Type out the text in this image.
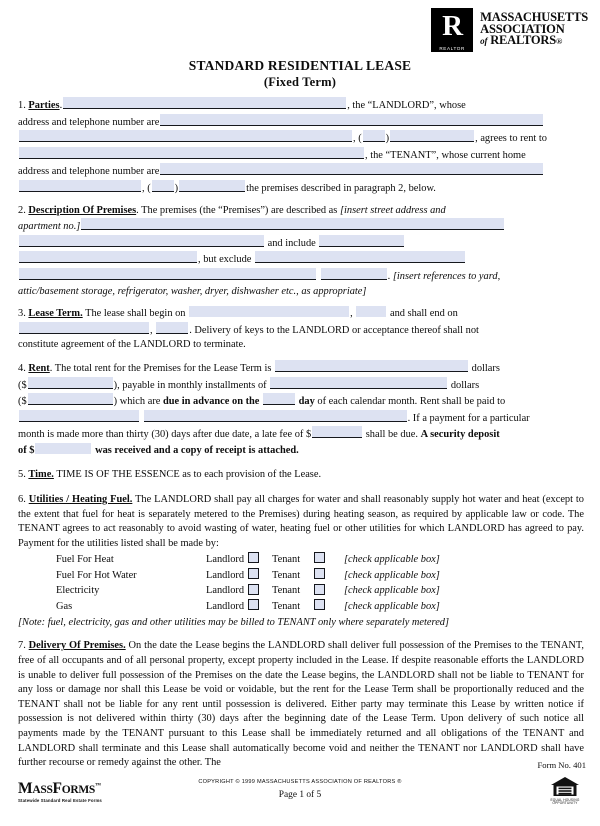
R
REALTOR
MASSACHUSETTS
ASSOCIATION
of REALTORS®
STANDARD RESIDENTIAL LEASE
(Fixed Term)

1. Parties.	, the “LANDLORD”, whose

address and telephone number are

, ( )	, agrees to rent to

, the “TENANT”, whose current home

address and telephone number are

, ( )	the premises described in paragraph 2, below.

2. Description Of Premises. The premises (the “Premises”) are described as [insert street address and

apartment no.]

and include

, but exclude

. [insert references to yard,

attic/basement storage, refrigerator, washer, dryer, dishwasher etc., as appropriate]

3. Lease Term. The lease shall begin on	,	and shall end on

,	. Delivery of keys to the LANDLORD or acceptance thereof shall not

constitute agreement of the LANDLORD to terminate.

4. Rent. The total rent for the Premises for the Lease Term is	dollars

($	), payable in monthly installments of	dollars

($	) which are due in advance on the	day of each calendar month. Rent shall be paid to

. If a payment for a particular

month is made more than thirty (30) days after due date, a late fee of $	shall be due. A security deposit

of $	was received and a copy of receipt is attached.

5. Time. TIME IS OF THE ESSENCE as to each provision of the Lease.

6. Utilities / Heating Fuel. The LANDLORD shall pay all charges for water and shall reasonably supply hot water and heat (except to the extent that fuel for heat is separately metered to the Premises) during heating season, as required by applicable law or code. The TENANT agrees to act reasonably to avoid wasting of water, heating fuel or other utilities for which LANDLORD has agreed to pay. Payment for the utilities listed shall be made by:

Fuel For Heat	Landlord		Tenant		[check applicable box]
Fuel For Hot Water	Landlord		Tenant		[check applicable box]
Electricity	Landlord		Tenant		[check applicable box]
Gas	Landlord		Tenant		[check applicable box]

[Note: fuel, electricity, gas and other utilities may be billed to TENANT only where separately metered]

7. Delivery Of Premises. On the date the Lease begins the LANDLORD shall deliver full possession of the Premises to the TENANT, free of all occupants and of all personal property, except property included in the Lease. If despite reasonable efforts the LANDLORD is unable to deliver full possession of the Premises on the date the Lease begins, the LANDLORD shall not be liable to TENANT for any loss or damage nor shall this Lease be void or voidable, but the rent for the Lease Term shall be proportionally reduced and the TENANT shall not be liable for any rent until possession is delivered. Either party may terminate this Lease by written notice if possession is not delivered within thirty (30) days after the beginning date of the Lease Term. Upon delivery of such notice all payments made by the TENANT pursuant to this Lease shall be immediately returned and all obligations of the TENANT and LANDLORD shall terminate and this Lease shall automatically become void and neither the TENANT nor LANDLORD shall have further recourse or remedy against the other. The	Form No. 401
MASSFORMS™
Statewide Standard Real Estate Forms
COPYRIGHT © 1999 MASSACHUSETTS ASSOCIATION OF REALTORS ®
Page 1 of 5	EQUAL HOUSING
OPPORTUNITY
